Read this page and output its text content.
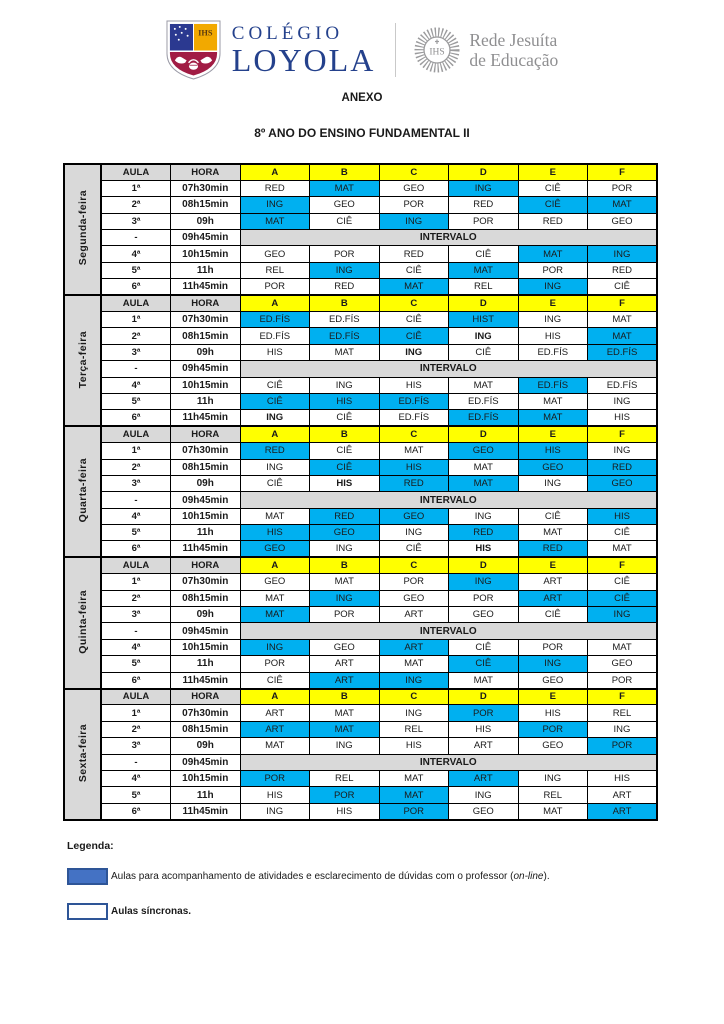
IHS COLÉGIO
LOYOLA	IHS
Rede Jesuíta
de Educação
ANEXO
8º ANO DO ENSINO FUNDAMENTAL II
Segunda-feira	AULA	HORA	A	B	C	D	E	F
	1ª	07h30min	RED	MAT	GEO	ING	CIÊ	POR
	2ª	08h15min	ING	GEO	POR	RED	CIÊ	MAT
	3ª	09h	MAT	CIÊ	ING	POR	RED	GEO
	-	09h45min	INTERVALO					
	4ª	10h15min	GEO	POR	RED	CIÊ	MAT	ING
	5ª	11h	REL	ING	CIÊ	MAT	POR	RED
	6ª	11h45min	POR	RED	MAT	REL	ING	CIÊ
Terça-feira	AULA	HORA	A	B	C	D	E	F
	1ª	07h30min	ED.FÍS	ED.FÍS	CIÊ	HIST	ING	MAT
	2ª	08h15min	ED.FÍS	ED.FÍS	CIÊ	ING	HIS	MAT
	3ª	09h	HIS	MAT	ING	CIÊ	ED.FÍS	ED.FÍS
	-	09h45min	INTERVALO					
	4ª	10h15min	CIÊ	ING	HIS	MAT	ED.FÍS	ED.FÍS
	5ª	11h	CIÊ	HIS	ED.FÍS	ED.FÍS	MAT	ING
	6ª	11h45min	ING	CIÊ	ED.FÍS	ED.FÍS	MAT	HIS
Quarta-feira	AULA	HORA	A	B	C	D	E	F
	1ª	07h30min	RED	CIÊ	MAT	GEO	HIS	ING
	2ª	08h15min	ING	CIÊ	HIS	MAT	GEO	RED
	3ª	09h	CIÊ	HIS	RED	MAT	ING	GEO
	-	09h45min	INTERVALO					
	4ª	10h15min	MAT	RED	GEO	ING	CIÊ	HIS
	5ª	11h	HIS	GEO	ING	RED	MAT	CIÊ
	6ª	11h45min	GEO	ING	CIÊ	HIS	RED	MAT
Quinta-feira	AULA	HORA	A	B	C	D	E	F
	1ª	07h30min	GEO	MAT	POR	ING	ART	CIÊ
	2ª	08h15min	MAT	ING	GEO	POR	ART	CIÊ
	3ª	09h	MAT	POR	ART	GEO	CIÊ	ING
	-	09h45min	INTERVALO					
	4ª	10h15min	ING	GEO	ART	CIÊ	POR	MAT
	5ª	11h	POR	ART	MAT	CIÊ	ING	GEO
	6ª	11h45min	CIÊ	ART	ING	MAT	GEO	POR
Sexta-feira	AULA	HORA	A	B	C	D	E	F
	1ª	07h30min	ART	MAT	ING	POR	HIS	REL
	2ª	08h15min	ART	MAT	REL	HIS	POR	ING
	3ª	09h	MAT	ING	HIS	ART	GEO	POR
	-	09h45min	INTERVALO					
	4ª	10h15min	POR	REL	MAT	ART	ING	HIS
	5ª	11h	HIS	POR	MAT	ING	REL	ART
	6ª	11h45min	ING	HIS	POR	GEO	MAT	ART
Legenda:
Aulas para acompanhamento de atividades e esclarecimento de dúvidas com o professor (on-line).
Aulas síncronas.
